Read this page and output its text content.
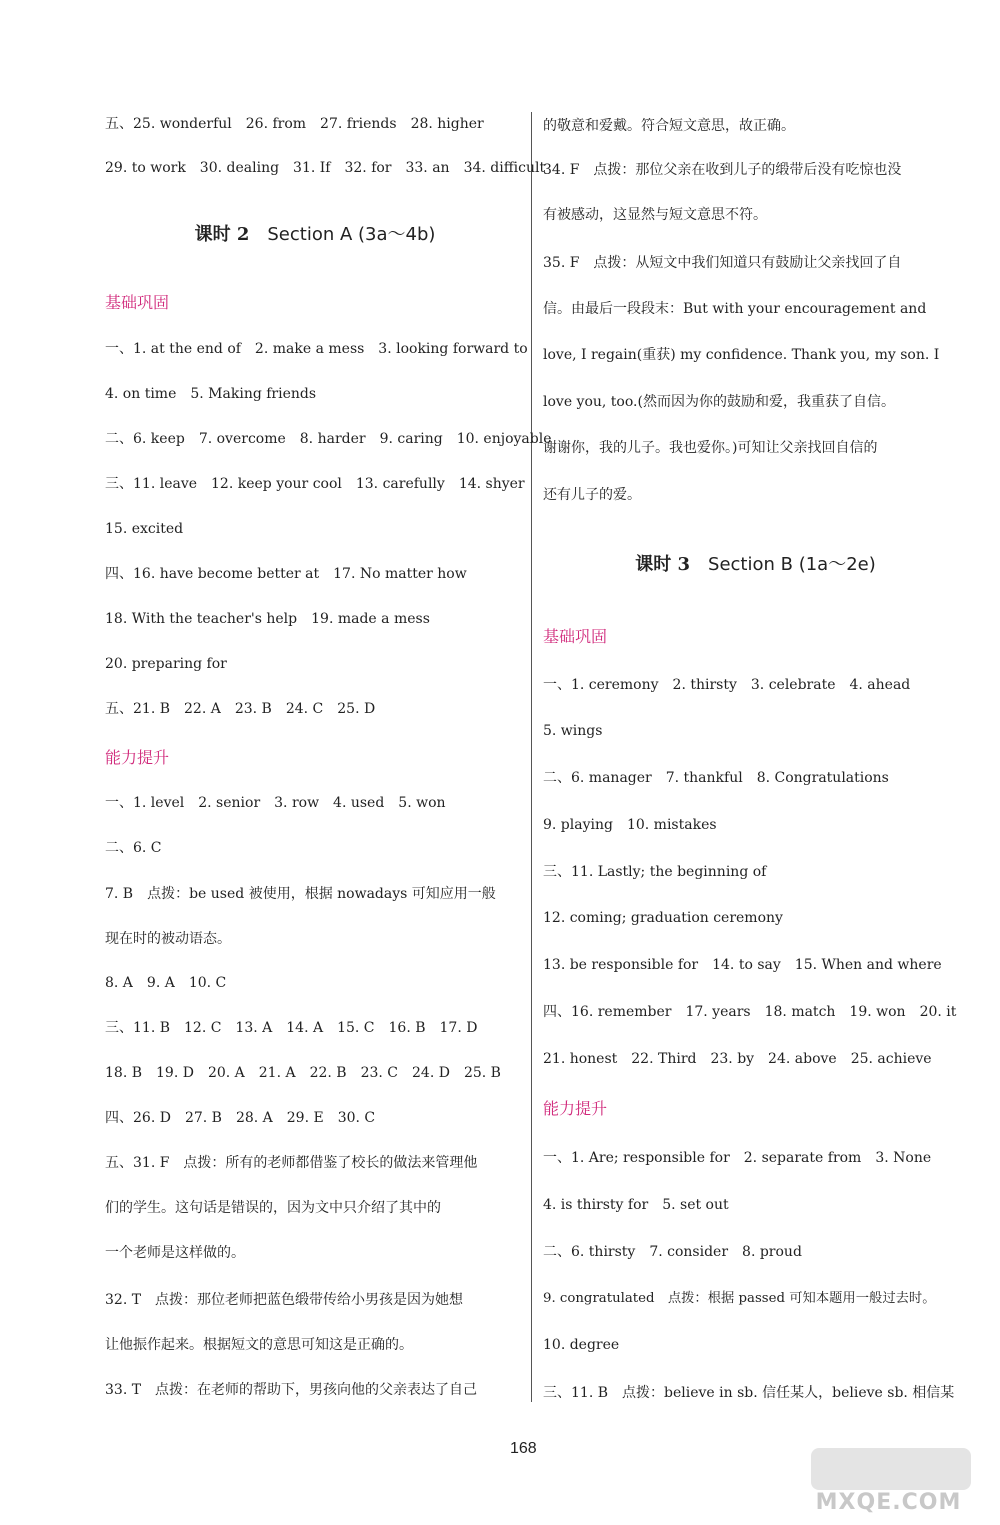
五、25. wonderful　26. from　27. friends　28. higher
29. to work　30. dealing　31. If　32. for　33. an　34. difficult
课时 2 Section A (3a～4b)
基础巩固
一、1. at the end of　2. make a mess　3. looking forward to
4. on time　5. Making friends
二、6. keep　7. overcome　8. harder　9. caring　10. enjoyable
三、11. leave　12. keep your cool　13. carefully　14. shyer
15. excited
四、16. have become better at　17. No matter how
18. With the teacher's help　19. made a mess
20. preparing for
五、21. B　22. A　23. B　24. C　25. D
能力提升
一、1. level　2. senior　3. row　4. used　5. won
二、6. C
7. B　点拨：be used 被使用，根据 nowadays 可知应用一般
现在时的被动语态。
8. A　9. A　10. C
三、11. B　12. C　13. A　14. A　15. C　16. B　17. D
18. B　19. D　20. A　21. A　22. B　23. C　24. D　25. B
四、26. D　27. B　28. A　29. E　30. C
五、31. F　点拨：所有的老师都借鉴了校长的做法来管理他
们的学生。这句话是错误的，因为文中只介绍了其中的
一个老师是这样做的。
32. T　点拨：那位老师把蓝色缎带传给小男孩是因为她想
让他振作起来。根据短文的意思可知这是正确的。
33. T　点拨：在老师的帮助下，男孩向他的父亲表达了自己
的敬意和爱戴。符合短文意思，故正确。
34. F　点拨：那位父亲在收到儿子的缎带后没有吃惊也没
有被感动，这显然与短文意思不符。
35. F　点拨：从短文中我们知道只有鼓励让父亲找回了自
信。由最后一段段末：But with your encouragement and
love, I regain(重获) my confidence. Thank you, my son. I
love you, too.(然而因为你的鼓励和爱，我重获了自信。
谢谢你，我的儿子。我也爱你。)可知让父亲找回自信的
还有儿子的爱。
课时 3 Section B (1a～2e)
基础巩固
一、1. ceremony　2. thirsty　3. celebrate　4. ahead
5. wings
二、6. manager　7. thankful　8. Congratulations
9. playing　10. mistakes
三、11. Lastly; the beginning of
12. coming; graduation ceremony
13. be responsible for　14. to say　15. When and where
四、16. remember　17. years　18. match　19. won　20. it
21. honest　22. Third　23. by　24. above　25. achieve
能力提升
一、1. Are; responsible for　2. separate from　3. None
4. is thirsty for　5. set out
二、6. thirsty　7. consider　8. proud
9. congratulated　点拨：根据 passed 可知本题用一般过去时。
10. degree
三、11. B　点拨：believe in sb. 信任某人，believe sb. 相信某
168
MXQE.COM
